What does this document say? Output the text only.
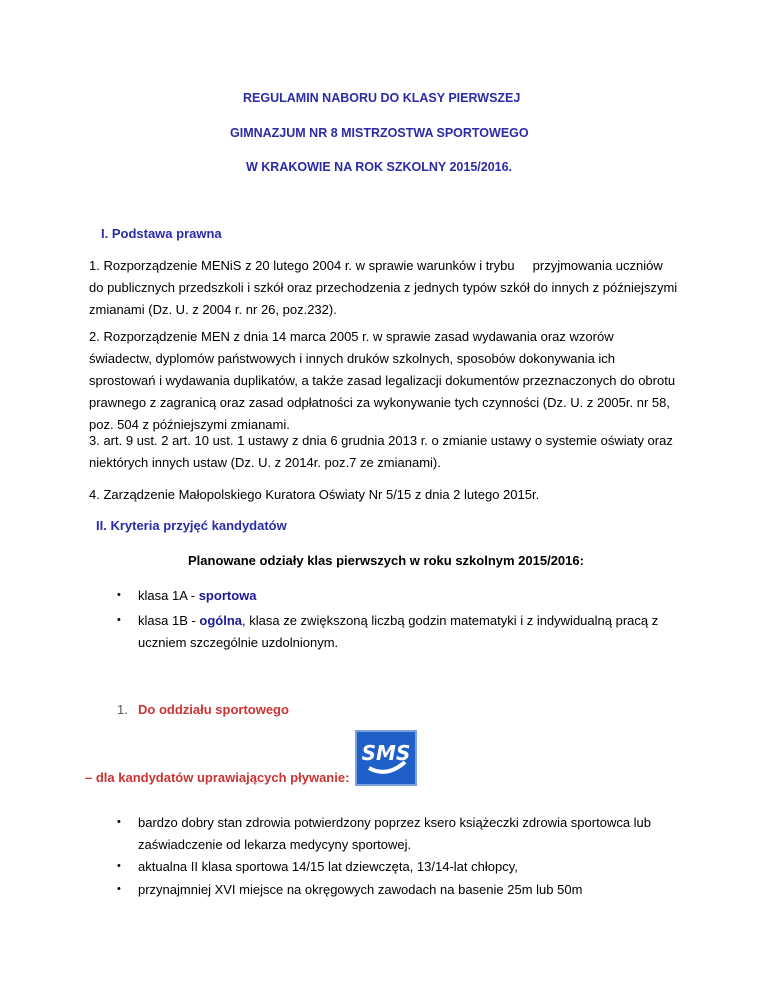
REGULAMIN NABORU DO KLASY PIERWSZEJ
GIMNAZJUM NR 8 MISTRZOSTWA SPORTOWEGO
W KRAKOWIE NA ROK SZKOLNY 2015/2016.
I. Podstawa prawna
1. Rozporządzenie MENiS z 20 lutego 2004 r. w sprawie warunków i trybu     przyjmowania uczniów
do publicznych przedszkoli i szkół oraz przechodzenia z jednych typów szkół do innych z późniejszymi
zmianami (Dz. U. z 2004 r. nr 26, poz.232).
2. Rozporządzenie MEN z dnia 14 marca 2005 r. w sprawie zasad wydawania oraz wzorów
świadectw, dyplomów państwowych i innych druków szkolnych, sposobów dokonywania ich
sprostowań i wydawania duplikatów, a także zasad legalizacji dokumentów przeznaczonych do obrotu
prawnego z zagranicą oraz zasad odpłatności za wykonywanie tych czynności (Dz. U. z 2005r. nr 58,
poz. 504 z późniejszymi zmianami.
3. art. 9 ust. 2 art. 10 ust. 1 ustawy z dnia 6 grudnia 2013 r. o zmianie ustawy o systemie oświaty oraz
niektórych innych ustaw (Dz. U. z 2014r. poz.7 ze zmianami).
4. Zarządzenie Małopolskiego Kuratora Oświaty Nr 5/15 z dnia 2 lutego 2015r.
II. Kryteria przyjęć kandydatów
Planowane odziały klas pierwszych w roku szkolnym 2015/2016:
• klasa 1A - sportowa
• klasa 1B - ogólna, klasa ze zwiększoną liczbą godzin matematyki i z indywidualną pracą z
uczniem szczególnie uzdolnionym.
1. Do oddziału sportowego
SMS
– dla kandydatów uprawiających pływanie:
• bardzo dobry stan zdrowia potwierdzony poprzez ksero książeczki zdrowia sportowca lub
zaświadczenie od lekarza medycyny sportowej.
• aktualna II klasa sportowa 14/15 lat dziewczęta, 13/14-lat chłopcy,
• przynajmniej XVI miejsce na okręgowych zawodach na basenie 25m lub 50m
